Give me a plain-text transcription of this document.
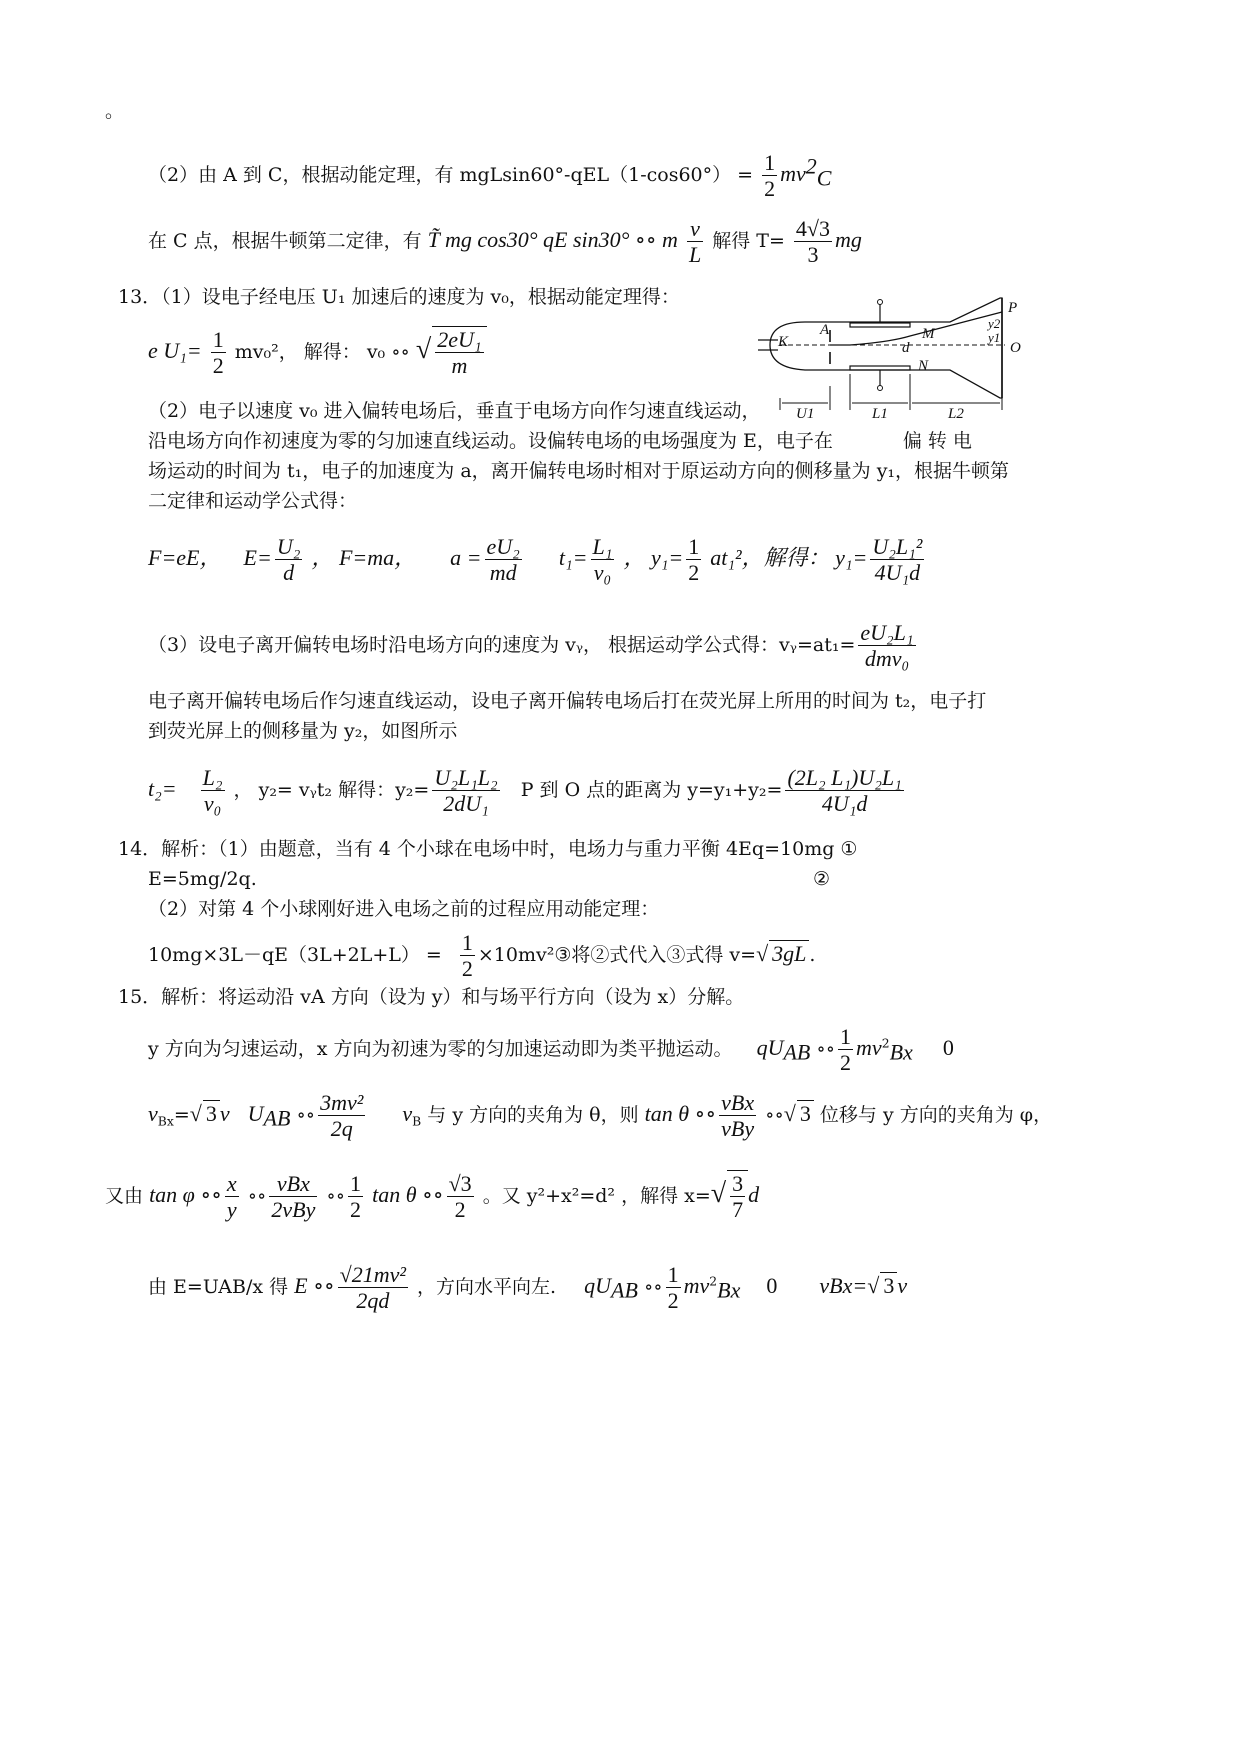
。
（2）由 A 到 C，根据动能定理，有 $mgLsin60^\circ-qEL(1-\cos 60^\circ) = \frac{1}{2} mv^2_C$
在 C 点，根据牛顿第二定律，有 T̃ mg cos30° qE sin30° ∘∘ m $\frac{v}{L}$ 解得 $T= \frac{4√3}{3}$ mg
13．（1）设电子经电压 U₁ 加速后的速度为 v₀，根据动能定理得：
e $U_1= \frac{1}{2} mv_0^2$， 解得： v₀ ∘∘ √ $\frac{\text{2eU₁}}{m}$
（2）电子以速度 v₀ 进入偏转电场后，垂直于电场方向作匀速直线运动，
沿电场方向作初速度为零的匀加速直线运动。设偏转电场的电场强度为 E，电子在	偏转电
场运动的时间为 t₁，电子的加速度为 a，离开偏转电场时相对于原运动方向的侧移量为 y₁，根据牛顿第
二定律和运动学公式得：
F=eE， $E= \frac{\text{U₂}}{d}$ ， F=ma， $a = \frac{\text{eU₂}}{md} t_1= \frac{\text{L₁}}{\text{v₀}}$ ， $y_1= \frac{1}{2} at_1^2$，解得： $y_1= \frac{\text{U₂L₁²}}{\text{4U₁d}}$
（3）设电子离开偏转电场时沿电场方向的速度为 vᵧ， 根据运动学公式得：vᵧ=at₁= $\frac{\text{eU₂L₁}}{\text{dmv₀}}$
电子离开偏转电场后作匀速直线运动，设电子离开偏转电场后打在荧光屏上所用的时间为 t₂，电子打
到荧光屏上的侧移量为 y₂，如图所示
$t_2= \frac{\text{L₂}}{\text{v₀}}$ ， y₂= vᵧt₂ 解得：$y_2= \frac{\text{U₂L₁L₂}}{\text{2dU₁}}$ P 到 O 点的距离为 $y=y_1+y_2= \frac{\text{(2L₂ L₁)U₂L₁}}{\text{4U₁d}}$
14．解析：（1）由题意，当有 4 个小球在电场中时，电场力与重力平衡 4Eq=10mg ①
E=5mg/2q.	②
（2）对第 4 个小球刚好进入电场之前的过程应用动能定理：
$10mg\times 3L-qE(3L+2L+L) = \frac{1}{2}$ ×10mv²③将②式代入③式得 v=√ 3gL .
15．解析：将运动沿 vA 方向（设为 y）和与场平行方向（设为 x）分解。
y 方向为匀速运动，x 方向为初速为零的匀加速运动即为类平抛运动。 $qU_{AB}$ ∘∘ $\frac{1}{2} mv^2_{Bx}$ 0
$v_{Bx}=√$ 3 v $U_{AB}$ ∘∘ $\frac{\text{3mv²}}{2q} v_B$ 与 y 方向的夹角为 θ，则 tan θ ∘∘ $\frac{\text{vBx}}{\text{vBy}}$ ∘∘√ 3 位移与 y 方向的夹角为 φ，
又由 tan φ ∘∘ $\frac{x}{y}$ ∘∘ $\frac{\text{vBx}}{\text{2vBy}}$ ∘∘ $\frac{1}{2}$ tan θ ∘∘ $\frac{√3}{2}$ 。又 y²+x²=d² ，解得 $x=√ \frac{3}{7}$ d
由 E=UAB/x 得 E ∘∘ $\frac{\text{√21mv²}}{2qd}$ ，方向水平向左. $qU_{AB}$ ∘∘ $\frac{1}{2} mv^2_{Bx}$ 0 vBx=√ 3 v
P
A
K	M
d
y2
y1
O
N
U1	L1	L2
